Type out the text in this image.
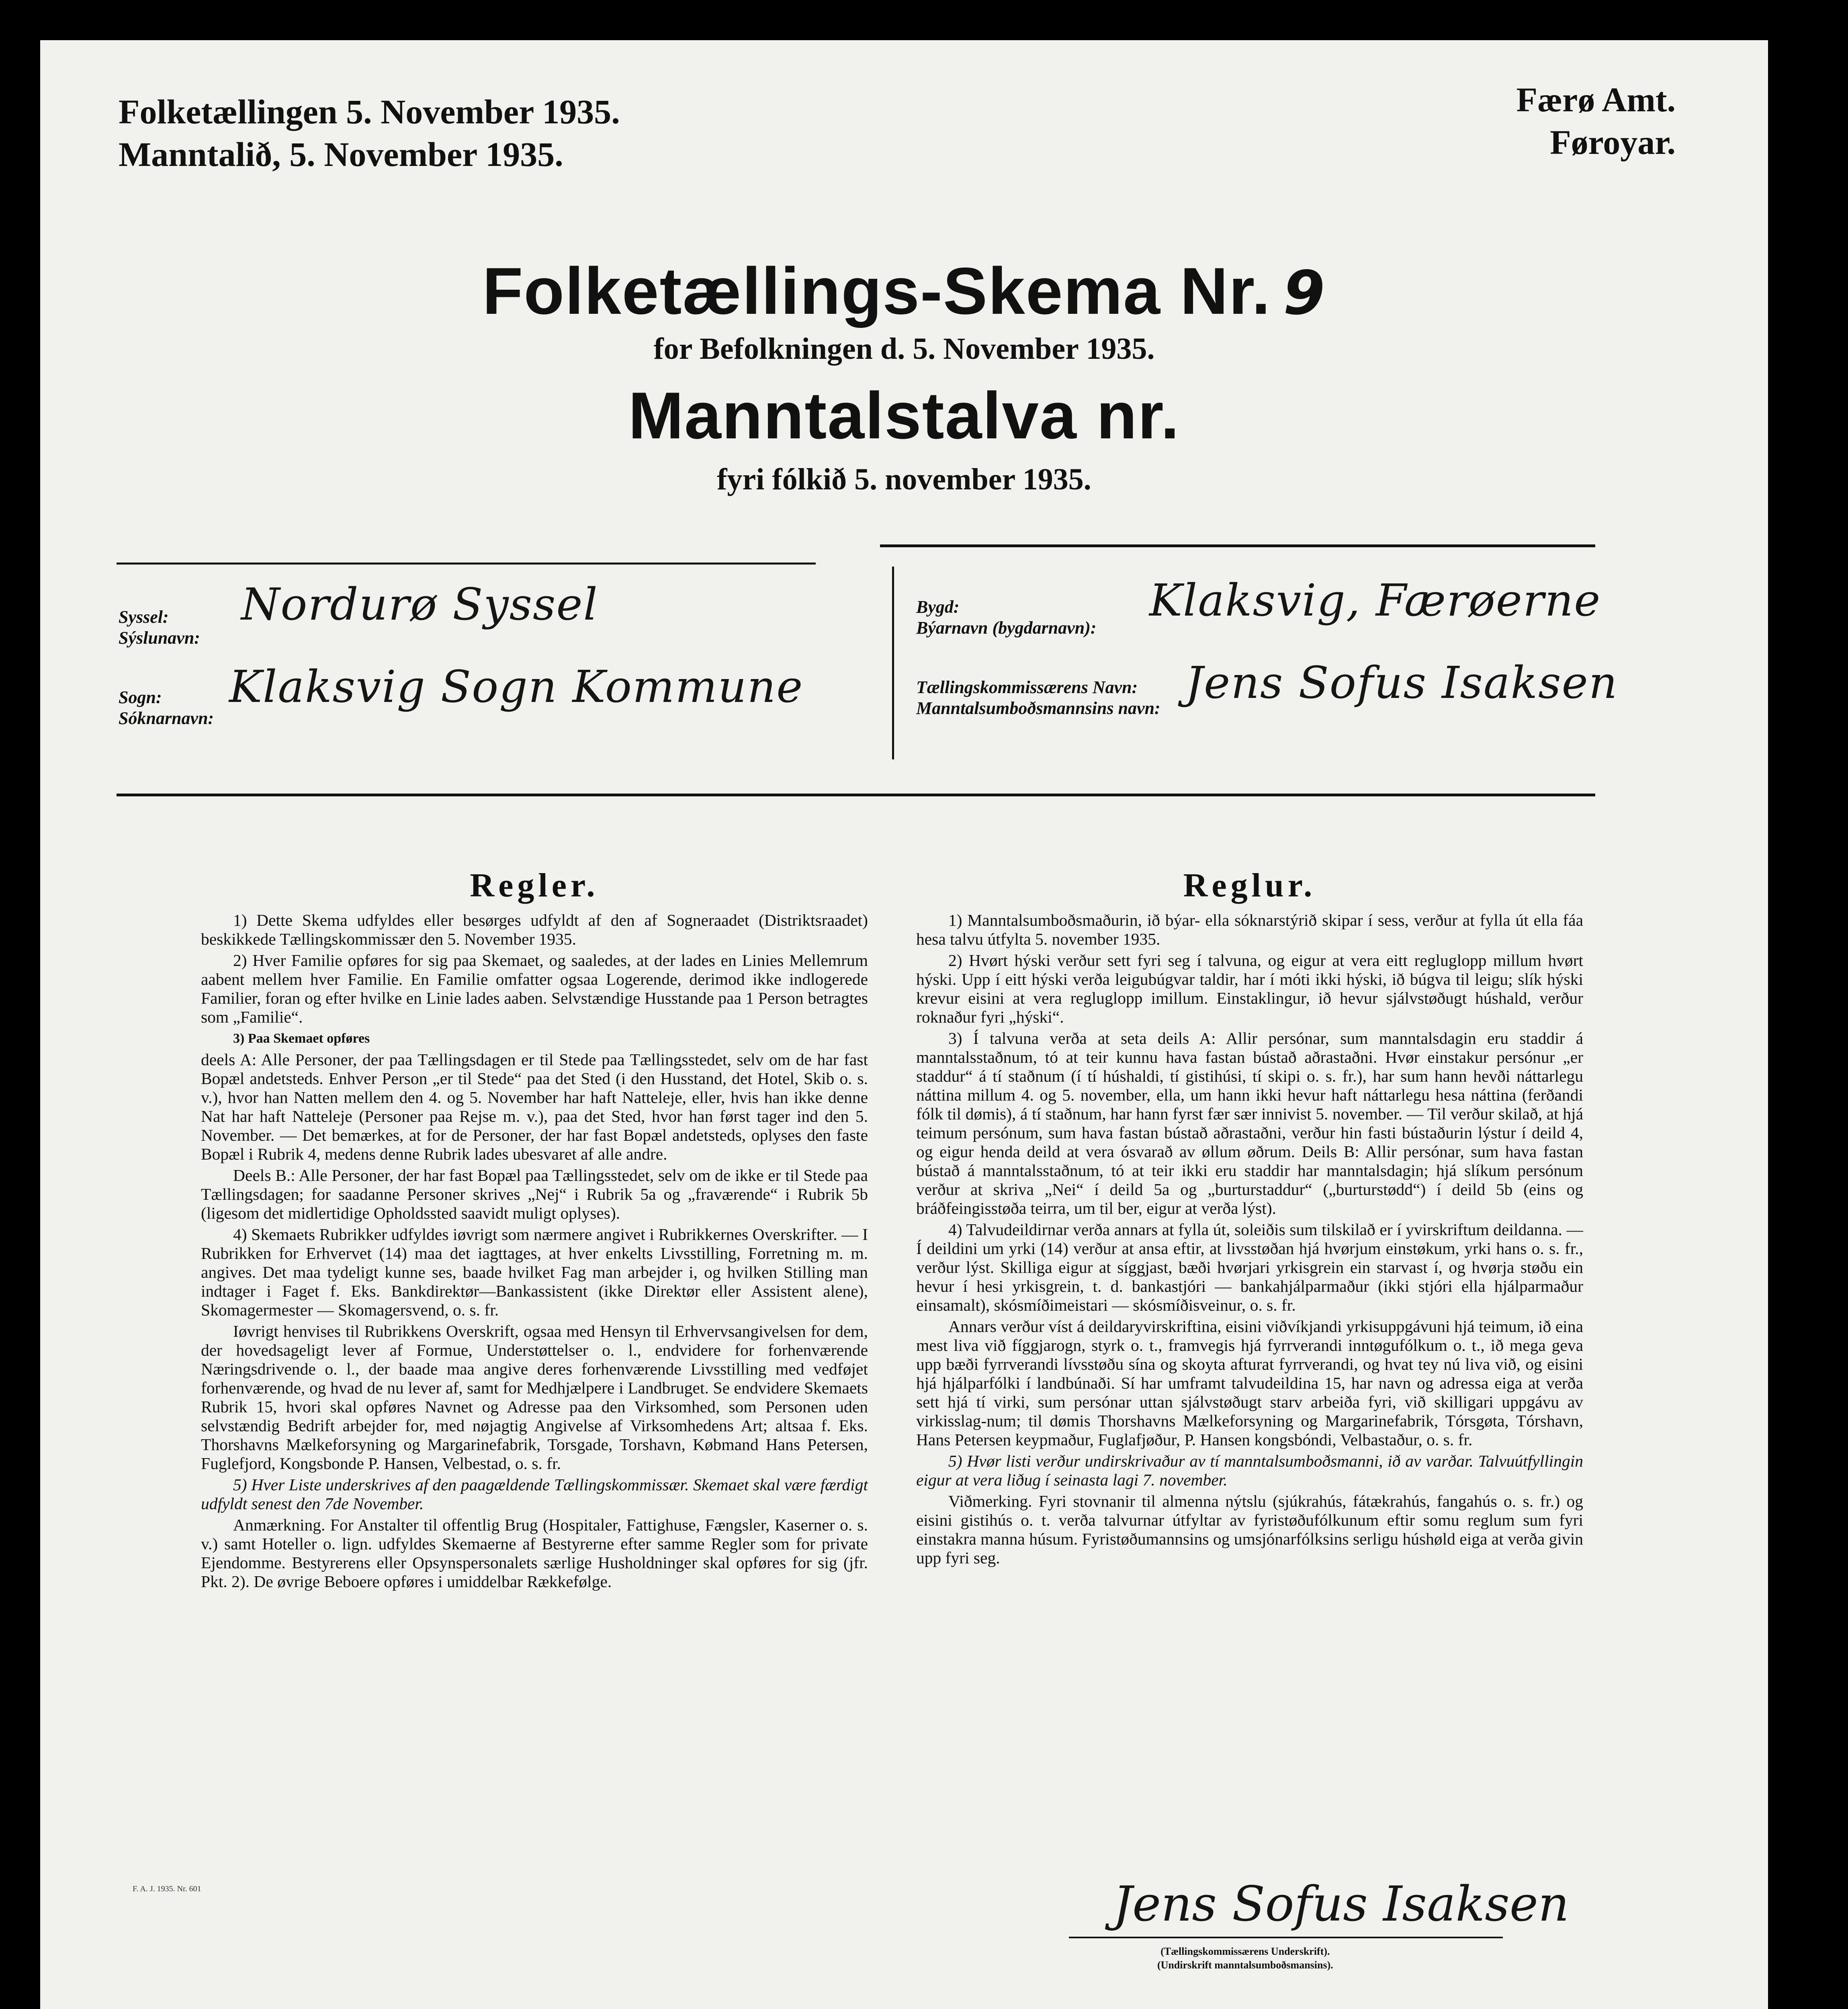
Folketællingen 5. November 1935.
Manntalið, 5. November 1935.
Færø Amt.
Føroyar.
Folketællings-Skema Nr. 9
for Befolkningen d. 5. November 1935.
Manntalstalva nr.
fyri fólkið 5. november 1935.
Syssel:
Sýslunavn:
Nordurø Syssel
Sogn:
Sóknarnavn:
Klaksvig Sogn Kommune
Bygd:
Býarnavn (bygdarnavn):
Klaksvig, Færøerne
Tællingskommissærens Navn:
Manntalsumboðsmannsins navn: Jens Sofus Isaksen
Regler.

1) Dette Skema udfyldes eller besørges udfyldt af den af Sogneraadet (Distriktsraadet) beskikkede Tællingskommissær den 5. November 1935.

2) Hver Familie opføres for sig paa Skemaet, og saaledes, at der lades en Linies Mellemrum aabent mellem hver Familie. En Familie omfatter ogsaa Logerende, derimod ikke indlogerede Familier, foran og efter hvilke en Linie lades aaben. Selvstændige Husstande paa 1 Person betragtes som „Familie“.

3) Paa Skemaet opføres

deels A: Alle Personer, der paa Tællingsdagen er til Stede paa Tællingsstedet, selv om de har fast Bopæl andetsteds. Enhver Person „er til Stede“ paa det Sted (i den Husstand, det Hotel, Skib o. s. v.), hvor han Natten mellem den 4. og 5. November har haft Natteleje, eller, hvis han ikke denne Nat har haft Natteleje (Personer paa Rejse m. v.), paa det Sted, hvor han først tager ind den 5. November. — Det bemærkes, at for de Personer, der har fast Bopæl andetsteds, oplyses den faste Bopæl i Rubrik 4, medens denne Rubrik lades ubesvaret af alle andre.

Deels B.: Alle Personer, der har fast Bopæl paa Tællingsstedet, selv om de ikke er til Stede paa Tællingsdagen; for saadanne Personer skrives „Nej“ i Rubrik 5a og „fraværende“ i Rubrik 5b (ligesom det midlertidige Opholdssted saavidt muligt oplyses).

4) Skemaets Rubrikker udfyldes iøvrigt som nærmere angivet i Rubrikkernes Overskrifter. — I Rubrikken for Erhvervet (14) maa det iagttages, at hver enkelts Livsstilling, Forretning m. m. angives. Det maa tydeligt kunne ses, baade hvilket Fag man arbejder i, og hvilken Stilling man indtager i Faget f. Eks. Bankdirektør—Bankassistent (ikke Direktør eller Assistent alene), Skomagermester — Skomagersvend, o. s. fr.

Iøvrigt henvises til Rubrikkens Overskrift, ogsaa med Hensyn til Erhvervsangivelsen for dem, der hovedsageligt lever af Formue, Understøttelser o. l., endvidere for forhenværende Næringsdrivende o. l., der baade maa angive deres forhenværende Livsstilling med vedføjet forhenværende, og hvad de nu lever af, samt for Medhjælpere i Landbruget. Se endvidere Skemaets Rubrik 15, hvori skal opføres Navnet og Adresse paa den Virksomhed, som Personen uden selvstændig Bedrift arbejder for, med nøjagtig Angivelse af Virksomhedens Art; altsaa f. Eks. Thorshavns Mælkeforsyning og Margarinefabrik, Torsgade, Torshavn, Købmand Hans Petersen, Fuglefjord, Kongsbonde P. Hansen, Velbestad, o. s. fr.

5) Hver Liste underskrives af den paagældende Tællingskommissær. Skemaet skal være færdigt udfyldt senest den 7de November.

Anmærkning. For Anstalter til offentlig Brug (Hospitaler, Fattighuse, Fængsler, Kaserner o. s. v.) samt Hoteller o. lign. udfyldes Skemaerne af Bestyrerne efter samme Regler som for private Ejendomme. Bestyrerens eller Opsynspersonalets særlige Husholdninger skal opføres for sig (jfr. Pkt. 2). De øvrige Beboere opføres i umiddelbar Rækkefølge.

Reglur.

1) Manntalsumboðsmaðurin, ið býar- ella sóknarstýrið skipar í sess, verður at fylla út ella fáa hesa talvu útfylta 5. november 1935.

2) Hvørt hýski verður sett fyri seg í talvuna, og eigur at vera eitt regluglopp millum hvørt hýski. Upp í eitt hýski verða leigubúgvar taldir, har í móti ikki hýski, ið búgva til leigu; slík hýski krevur eisini at vera regluglopp imillum. Einstaklingur, ið hevur sjálvstøðugt húshald, verður roknaður fyri „hýski“.

3) Í talvuna verða at seta deils A: Allir persónar, sum manntalsdagin eru staddir á manntalsstaðnum, tó at teir kunnu hava fastan bústað aðrastaðni. Hvør einstakur persónur „er staddur“ á tí staðnum (í tí húshaldi, tí gistihúsi, tí skipi o. s. fr.), har sum hann hevði náttarlegu náttina millum 4. og 5. november, ella, um hann ikki hevur haft náttarlegu hesa náttina (ferðandi fólk til dømis), á tí staðnum, har hann fyrst fær sær innivist 5. november. — Til verður skilað, at hjá teimum persónum, sum hava fastan bústað aðrastaðni, verður hin fasti bústaðurin lýstur í deild 4, og eigur henda deild at vera ósvarað av øllum øðrum. Deils B: Allir persónar, sum hava fastan bústað á manntalsstaðnum, tó at teir ikki eru staddir har manntalsdagin; hjá slíkum persónum verður at skriva „Nei“ í deild 5a og „burturstaddur“ („burturstødd“) í deild 5b (eins og bráðfeingisstøða teirra, um til ber, eigur at verða lýst).

4) Talvudeildirnar verða annars at fylla út, soleiðis sum tilskilað er í yvirskriftum deildanna. — Í deildini um yrki (14) verður at ansa eftir, at livsstøðan hjá hvørjum einstøkum, yrki hans o. s. fr., verður lýst. Skilliga eigur at síggjast, bæði hvørjari yrkisgrein ein starvast í, og hvørja støðu ein hevur í hesi yrkisgrein, t. d. bankastjóri — bankahjálparmaður (ikki stjóri ella hjálparmaður einsamalt), skósmíðimeistari — skósmíðisveinur, o. s. fr.

Annars verður víst á deildaryvirskriftina, eisini viðvíkjandi yrkisuppgávuni hjá teimum, ið eina mest liva við fíggjarogn, styrk o. t., framvegis hjá fyrrverandi inntøgufólkum o. t., ið mega geva upp bæði fyrrverandi lívsstøðu sína og skoyta afturat fyrrverandi, og hvat tey nú liva við, og eisini hjá hjálparfólki í landbúnaði. Sí har umframt talvudeildina 15, har navn og adressa eiga at verða sett hjá tí virki, sum persónar uttan sjálvstøðugt starv arbeiða fyri, við skilligari uppgávu av virkisslag-num; til dømis Thorshavns Mælkeforsyning og Margarinefabrik, Tórsgøta, Tórshavn, Hans Petersen keypmaður, Fuglafjøður, P. Hansen kongsbóndi, Velbastaður, o. s. fr.

5) Hvør listi verður undirskrivaður av tí manntalsumboðsmanni, ið av varðar. Talvuútfyllingin eigur at vera liðug í seinasta lagi 7. november.

Viðmerking. Fyri stovnanir til almenna nýtslu (sjúkrahús, fátækrahús, fangahús o. s. fr.) og eisini gistihús o. t. verða talvurnar útfyltar av fyristøðufólkunum eftir somu reglum sum fyri einstakra manna húsum. Fyristøðumannsins og umsjónarfólksins serligu húshøld eiga at verða givin upp fyri seg.

Jens Sofus Isaksen
(Tællingskommissærens Underskrift).
(Undirskrift manntalsumboðsmansins).
F. A. J. 1935. Nr. 601
